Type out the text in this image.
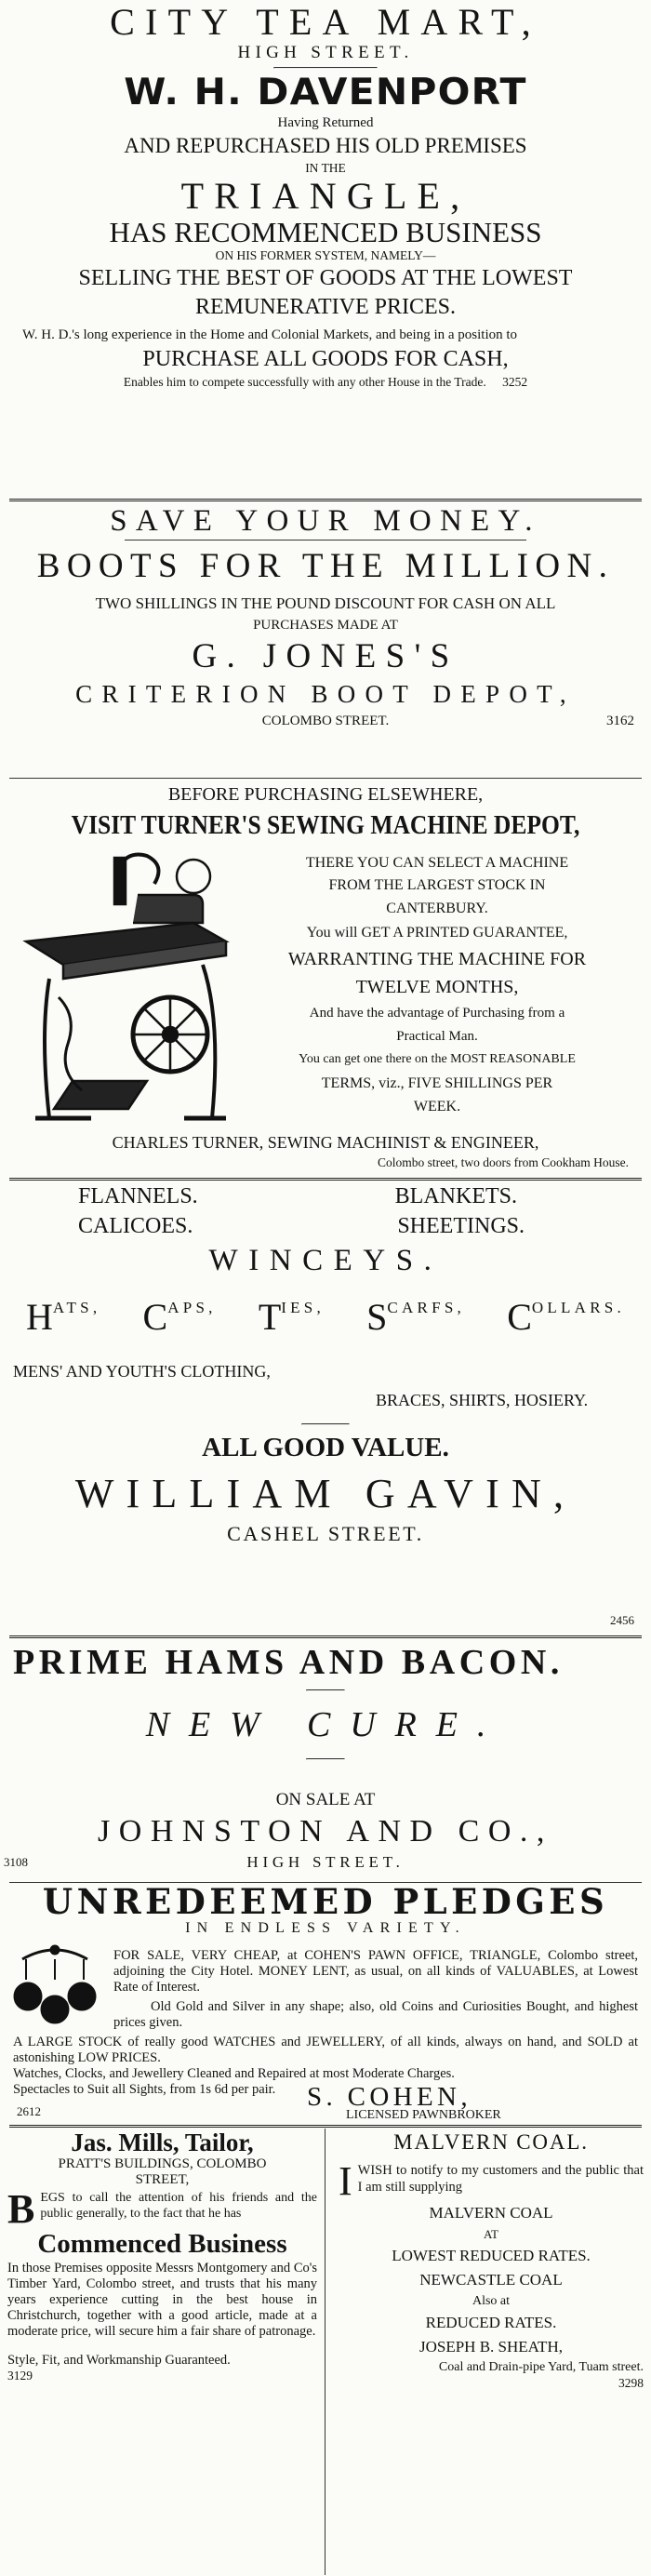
CITY TEA MART,
HIGH STREET.
W. H. DAVENPORT
Having Returned
AND REPURCHASED HIS OLD PREMISES
IN THE
TRIANGLE,
HAS RECOMMENCED BUSINESS
ON HIS FORMER SYSTEM, NAMELY—
SELLING THE BEST OF GOODS AT THE LOWEST
REMUNERATIVE PRICES.
W. H. D.'s long experience in the Home and Colonial Markets, and being in a position to
PURCHASE ALL GOODS FOR CASH,
Enables him to compete successfully with any other House in the Trade. 3252
SAVE YOUR MONEY.
BOOTS FOR THE MILLION.
TWO SHILLINGS IN THE POUND DISCOUNT FOR CASH ON ALL
PURCHASES MADE AT
G. JONES'S
CRITERION BOOT DEPOT,
COLOMBO STREET.	3162
BEFORE PURCHASING ELSEWHERE,
VISIT TURNER'S SEWING MACHINE DEPOT,
THERE YOU CAN SELECT A MACHINE
FROM THE LARGEST STOCK IN
CANTERBURY.
You will GET A PRINTED GUARANTEE,
WARRANTING THE MACHINE FOR
TWELVE MONTHS,
And have the advantage of Purchasing from a
Practical Man.
You can get one there on the MOST REASONABLE
TERMS, viz., FIVE SHILLINGS PER
WEEK.
CHARLES TURNER, SEWING MACHINIST & ENGINEER,
Colombo street, two doors from Cookham House.
FLANNELS.	BLANKETS.
CALICOES.	SHEETINGS.
WINCEYS.
HATS, CAPS, TIES, SCARFS, COLLARS.
MENS' AND YOUTH'S CLOTHING,
BRACES, SHIRTS, HOSIERY.
ALL GOOD VALUE.
WILLIAM GAVIN,
CASHEL STREET.
2456
PRIME HAMS AND BACON.
NEW CURE.
ON SALE AT
JOHNSTON AND CO.,
HIGH STREET.
3108
UNREDEEMED PLEDGES
IN ENDLESS VARIETY.
FOR SALE, VERY CHEAP, at COHEN'S PAWN OFFICE, TRIANGLE, Colombo street, adjoining the City Hotel. MONEY LENT, as usual, on all kinds of VALUABLES, at Lowest Rate of Interest.
Old Gold and Silver in any shape; also, old Coins and Curiosities Bought, and highest prices given.
A LARGE STOCK of really good WATCHES and JEWELLERY, of all kinds, always on hand, and SOLD at astonishing LOW PRICES.
Watches, Clocks, and Jewellery Cleaned and Repaired at most Moderate Charges.
Spectacles to Suit all Sights, from 1s 6d per pair.	S. COHEN,
2612	LICENSED PAWNBROKER
Jas. Mills, Tailor,
PRATT'S BUILDINGS, COLOMBO
STREET,
B EGS to call the attention of his friends and the public generally, to the fact that he has
Commenced Business
In those Premises opposite Messrs Montgomery and Co's Timber Yard, Colombo street, and trusts that his many years experience cutting in the best house in Christchurch, together with a good article, made at a moderate price, will secure him a fair share of patronage.
Style, Fit, and Workmanship Guaranteed.
3129
MALVERN COAL.
I WISH to notify to my customers and the public that I am still supplying
MALVERN COAL
AT
LOWEST REDUCED RATES.
NEWCASTLE COAL
Also at
REDUCED RATES.
JOSEPH B. SHEATH,
Coal and Drain-pipe Yard, Tuam street.
3298
